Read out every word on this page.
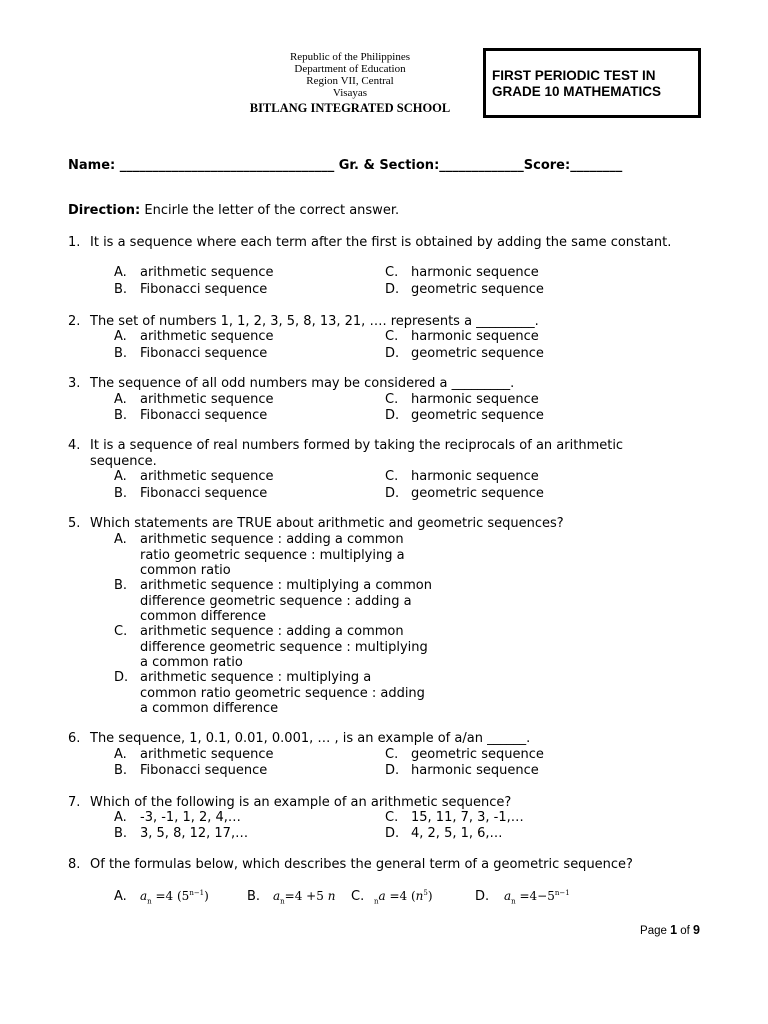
Republic of the Philippines
Department of Education
Region VII, Central
Visayas
BITLANG INTEGRATED SCHOOL
FIRST PERIODIC TEST IN
GRADE 10 MATHEMATICS
Name: _________________________________ Gr. & Section:_____________Score:________
Direction: Encirle the letter of the correct answer.
1. It is a sequence where each term after the first is obtained by adding the same constant.
A. arithmetic sequence
B. Fibonacci sequence
C. harmonic sequence
D. geometric sequence
2. The set of numbers 1, 1, 2, 3, 5, 8, 13, 21, …. represents a _________.
A. arithmetic sequence
B. Fibonacci sequence
C. harmonic sequence
D. geometric sequence
3. The sequence of all odd numbers may be considered a _________.
A. arithmetic sequence
B. Fibonacci sequence
C. harmonic sequence
D. geometric sequence
4. It is a sequence of real numbers formed by taking the reciprocals of an arithmetic sequence.
A. arithmetic sequence
B. Fibonacci sequence
C. harmonic sequence
D. geometric sequence
5. Which statements are TRUE about arithmetic and geometric sequences?
A. arithmetic sequence : adding a common
ratio geometric sequence : multiplying a
common ratio
B. arithmetic sequence : multiplying a common
difference geometric sequence : adding a
common difference
C. arithmetic sequence : adding a common
difference geometric sequence : multiplying
a common ratio
D. arithmetic sequence : multiplying a
common ratio geometric sequence : adding
a common difference
6. The sequence, 1, 0.1, 0.01, 0.001, … , is an example of a/an ______.
A. arithmetic sequence
B. Fibonacci sequence
C. geometric sequence
D. harmonic sequence
7. Which of the following is an example of an arithmetic sequence?
A. -3, -1, 1, 2, 4,…
B. 3, 5, 8, 12, 17,…
C. 15, 11, 7, 3, -1,…
D. 4, 2, 5, 1, 6,…
8. Of the formulas below, which describes the general term of a geometric sequence?
A.	$a_n =4$ $(5^{n-1})$	B.	$a_n=4 +5$ n C.	$_n$a =4 $(n^5)$	D.	$a_n =4-5^{n-1}$
Page 1 of 9
